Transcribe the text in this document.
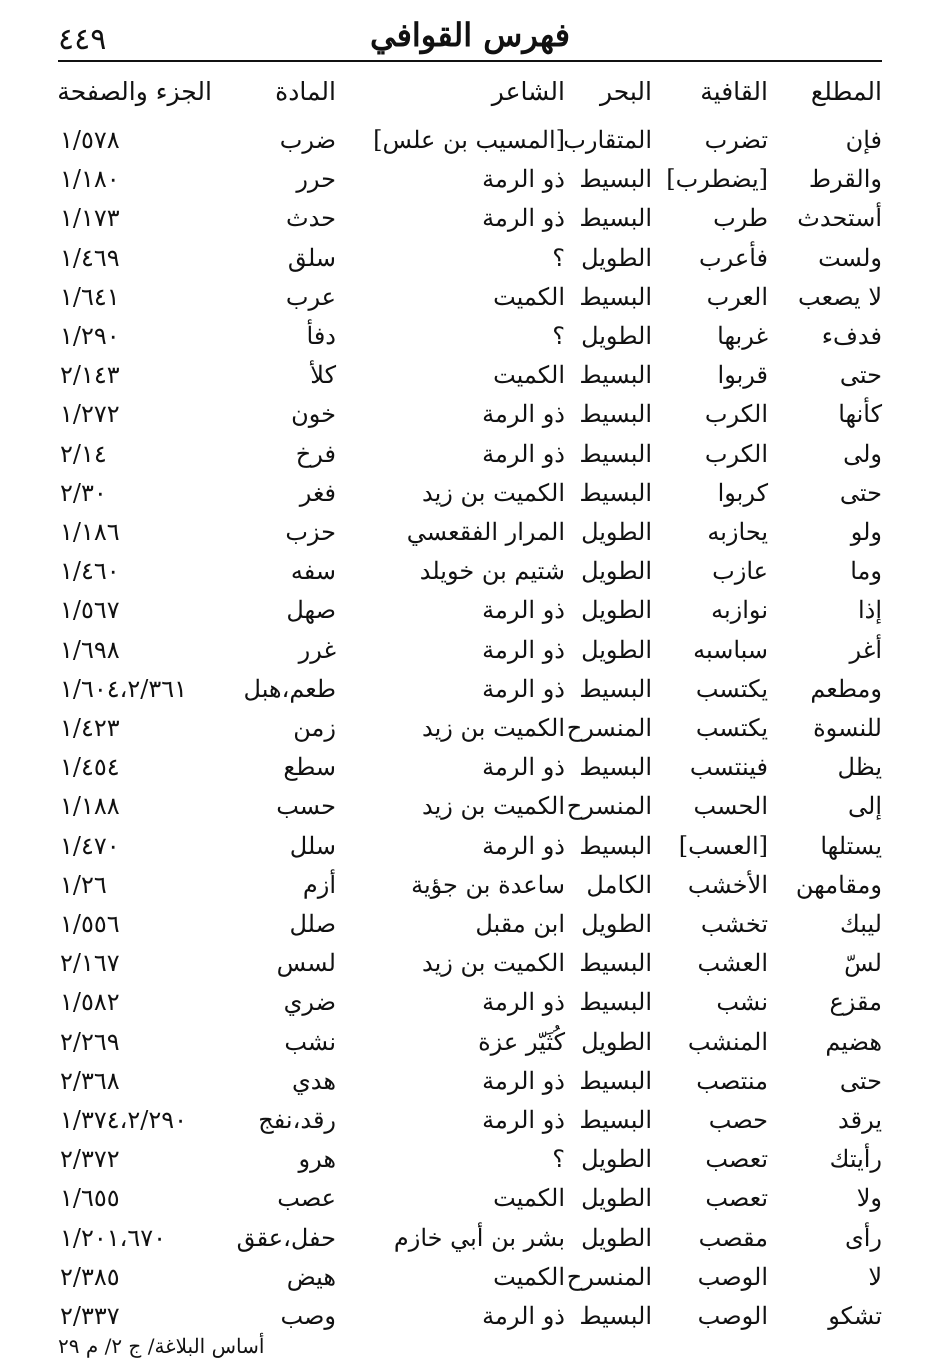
٤٤٩	فهرس القوافي
المطلع
القافية
البحر
الشاعر
المادة
الجزء والصفحة
فإن
تضرب
المتقارب
[المسيب بن علس]
ضرب
١/٥٧٨
والقرط
[يضطرب]
البسيط
ذو الرمة
حرر
١/١٨٠
أستحدث
طرب
البسيط
ذو الرمة
حدث
١/١٧٣
ولست
فأعرب
الطويل
؟
سلق
١/٤٦٩
لا يصعب
العرب
البسيط
الكميت
عرب
١/٦٤١
فدفء
غربها
الطويل
؟
دفأ
١/٢٩٠
حتى
قربوا
البسيط
الكميت
كلأ
٢/١٤٣
كأنها
الكرب
البسيط
ذو الرمة
خون
١/٢٧٢
ولى
الكرب
البسيط
ذو الرمة
فرخ
٢/١٤
حتى
كربوا
البسيط
الكميت بن زيد
فغر
٢/٣٠
ولو
يحازبه
الطويل
المرار الفقعسي
حزب
١/١٨٦
وما
عازب
الطويل
شتيم بن خويلد
سفه
١/٤٦٠
إذا
نوازبه
الطويل
ذو الرمة
صهل
١/٥٦٧
أغر
سباسبه
الطويل
ذو الرمة
غرر
١/٦٩٨
ومطعم
يكتسب
البسيط
ذو الرمة
طعم،هبل
١/٦٠٤،٢/٣٦١
للنسوة
يكتسب
المنسرح
الكميت بن زيد
زمن
١/٤٢٣
يظل
فينتسب
البسيط
ذو الرمة
سطع
١/٤٥٤
إلى
الحسب
المنسرح
الكميت بن زيد
حسب
١/١٨٨
يستلها
[العسب]
البسيط
ذو الرمة
سلل
١/٤٧٠
ومقامهن
الأخشب
الكامل
ساعدة بن جؤية
أزم
١/٢٦
ليبك
تخشب
الطويل
ابن مقبل
صلل
١/٥٥٦
لسّ
العشب
البسيط
الكميت بن زيد
لسس
٢/١٦٧
مقزع
نشب
البسيط
ذو الرمة
ضري
١/٥٨٢
هضيم
المنشب
الطويل
كُثَيّر عزة
نشب
٢/٢٦٩
حتى
منتصب
البسيط
ذو الرمة
هدي
٢/٣٦٨
يرقد
حصب
البسيط
ذو الرمة
رقد،نفج
١/٣٧٤،٢/٢٩٠
رأيتك
تعصب
الطويل
؟
هرو
٢/٣٧٢
ولا
تعصب
الطويل
الكميت
عصب
١/٦٥٥
رأى
مقصب
الطويل
بشر بن أبي خازم
حفل،عقق
١/٢٠١،٦٧٠
لا
الوصب
المنسرح
الكميت
هيض
٢/٣٨٥
تشكو
الوصب
البسيط
ذو الرمة
وصب
٢/٣٣٧
أساس البلاغة/ ج ٢/ م ٢٩
